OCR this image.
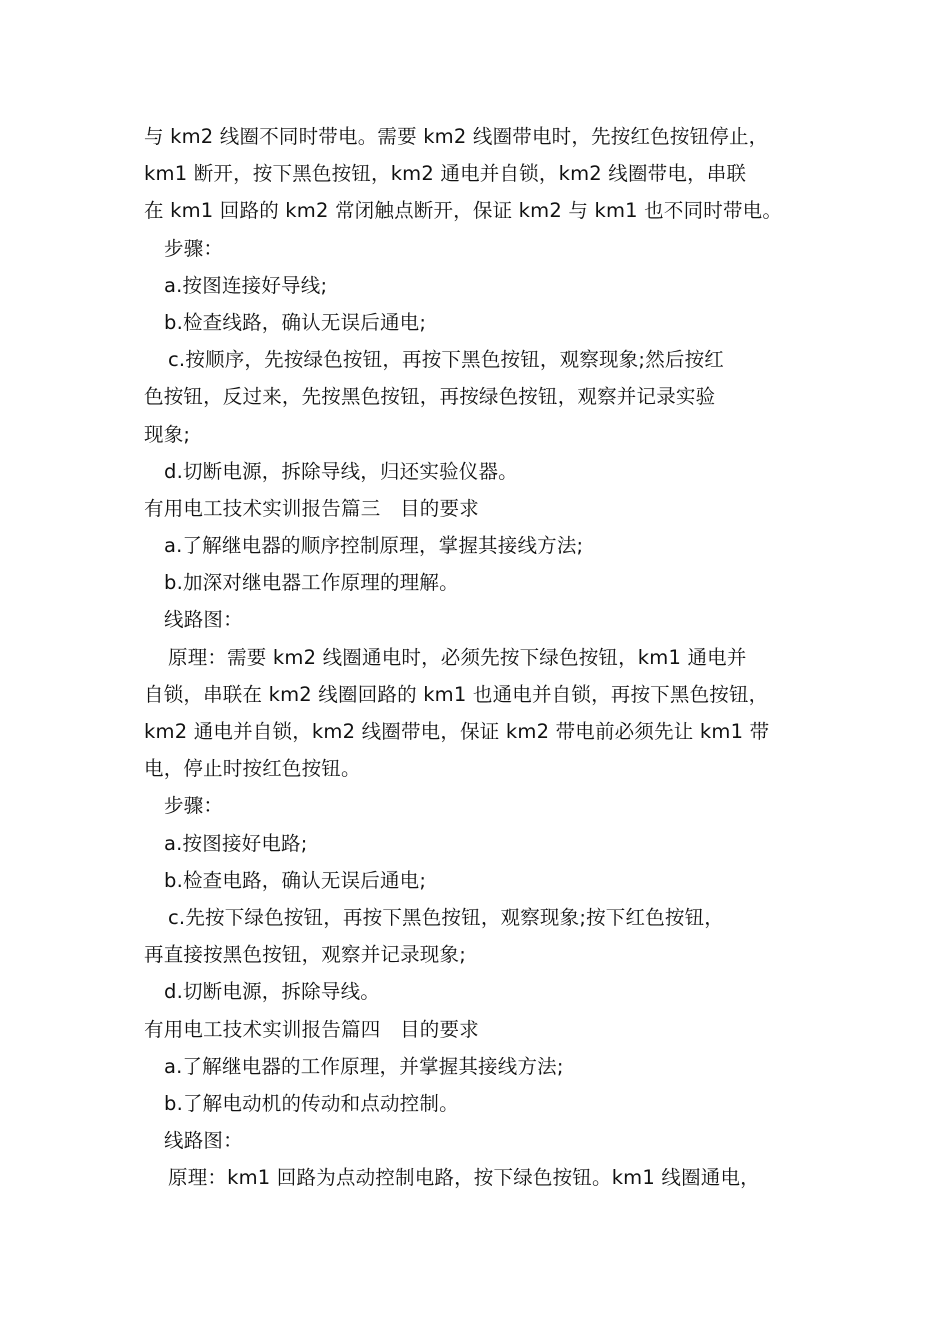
与 km2 线圈不同时带电。需要 km2 线圈带电时，先按红色按钮停止，
km1 断开，按下黑色按钮，km2 通电并自锁，km2 线圈带电，串联
在 km1 回路的 km2 常闭触点断开，保证 km2 与 km1 也不同时带电。
步骤：
a.按图连接好导线;
b.检查线路，确认无误后通电;
c.按顺序，先按绿色按钮，再按下黑色按钮，观察现象;然后按红
色按钮，反过来，先按黑色按钮，再按绿色按钮，观察并记录实验
现象;
d.切断电源，拆除导线，归还实验仪器。
有用电工技术实训报告篇三　目的要求
a.了解继电器的顺序控制原理，掌握其接线方法;
b.加深对继电器工作原理的理解。
线路图：
原理：需要 km2 线圈通电时，必须先按下绿色按钮，km1 通电并
自锁，串联在 km2 线圈回路的 km1 也通电并自锁，再按下黑色按钮，
km2 通电并自锁，km2 线圈带电，保证 km2 带电前必须先让 km1 带
电，停止时按红色按钮。
步骤：
a.按图接好电路;
b.检查电路，确认无误后通电;
c.先按下绿色按钮，再按下黑色按钮，观察现象;按下红色按钮，
再直接按黑色按钮，观察并记录现象;
d.切断电源，拆除导线。
有用电工技术实训报告篇四　目的要求
a.了解继电器的工作原理，并掌握其接线方法;
b.了解电动机的传动和点动控制。
线路图：
原理：km1 回路为点动控制电路，按下绿色按钮。km1 线圈通电，
